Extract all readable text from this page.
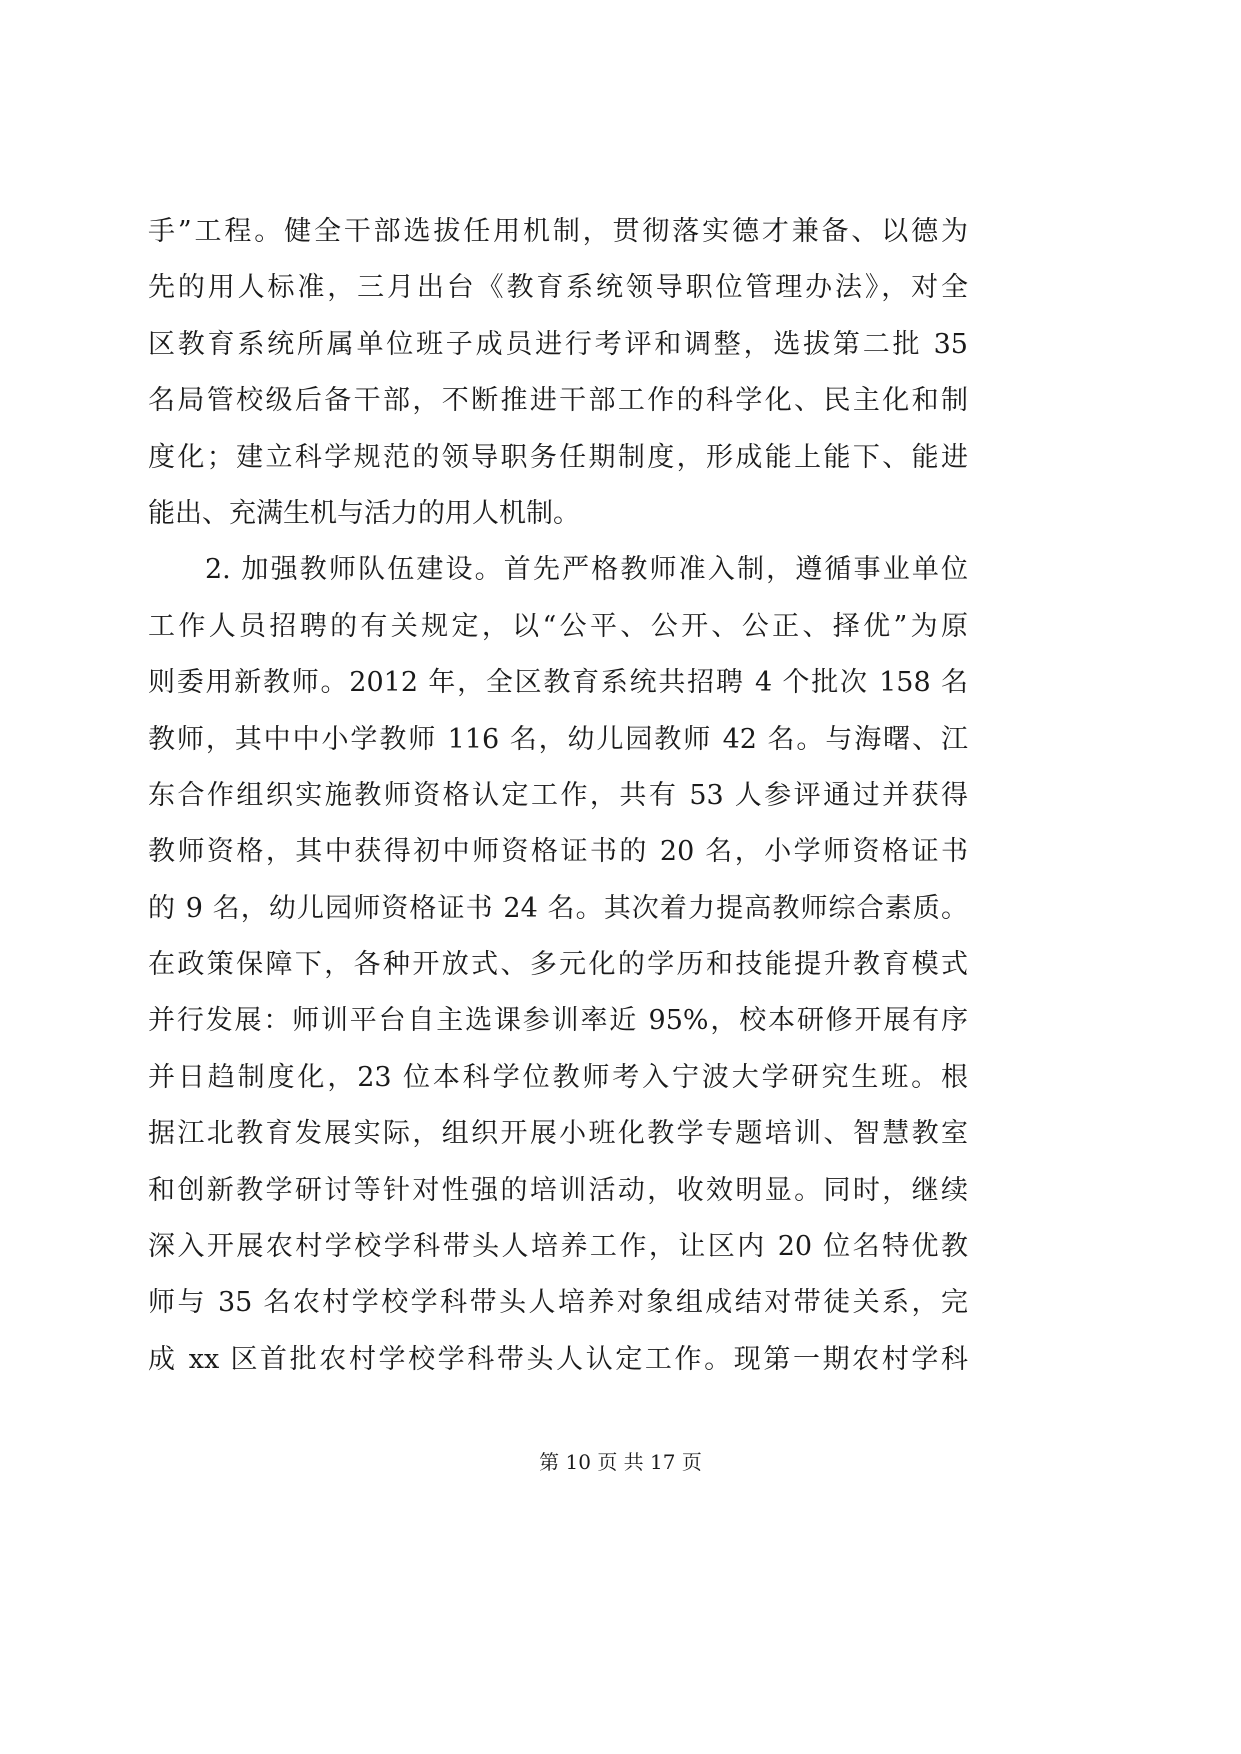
手”工程。健全干部选拔任用机制，贯彻落实德才兼备、以德为
先的用人标准，三月出台《教育系统领导职位管理办法》，对全
区教育系统所属单位班子成员进行考评和调整，选拔第二批 35
名局管校级后备干部，不断推进干部工作的科学化、民主化和制
度化；建立科学规范的领导职务任期制度，形成能上能下、能进
能出、充满生机与活力的用人机制。
2. 加强教师队伍建设。首先严格教师准入制，遵循事业单位
工作人员招聘的有关规定，以“公平、公开、公正、择优”为原
则委用新教师。2012 年，全区教育系统共招聘 4 个批次 158 名
教师，其中中小学教师 116 名，幼儿园教师 42 名。与海曙、江
东合作组织实施教师资格认定工作，共有 53 人参评通过并获得
教师资格，其中获得初中师资格证书的 20 名，小学师资格证书
的 9 名，幼儿园师资格证书 24 名。其次着力提高教师综合素质。
在政策保障下，各种开放式、多元化的学历和技能提升教育模式
并行发展：师训平台自主选课参训率近 95%，校本研修开展有序
并日趋制度化，23 位本科学位教师考入宁波大学研究生班。根
据江北教育发展实际，组织开展小班化教学专题培训、智慧教室
和创新教学研讨等针对性强的培训活动，收效明显。同时，继续
深入开展农村学校学科带头人培养工作，让区内 20 位名特优教
师与 35 名农村学校学科带头人培养对象组成结对带徒关系，完
成 xx 区首批农村学校学科带头人认定工作。现第一期农村学科
第 10 页 共 17 页
